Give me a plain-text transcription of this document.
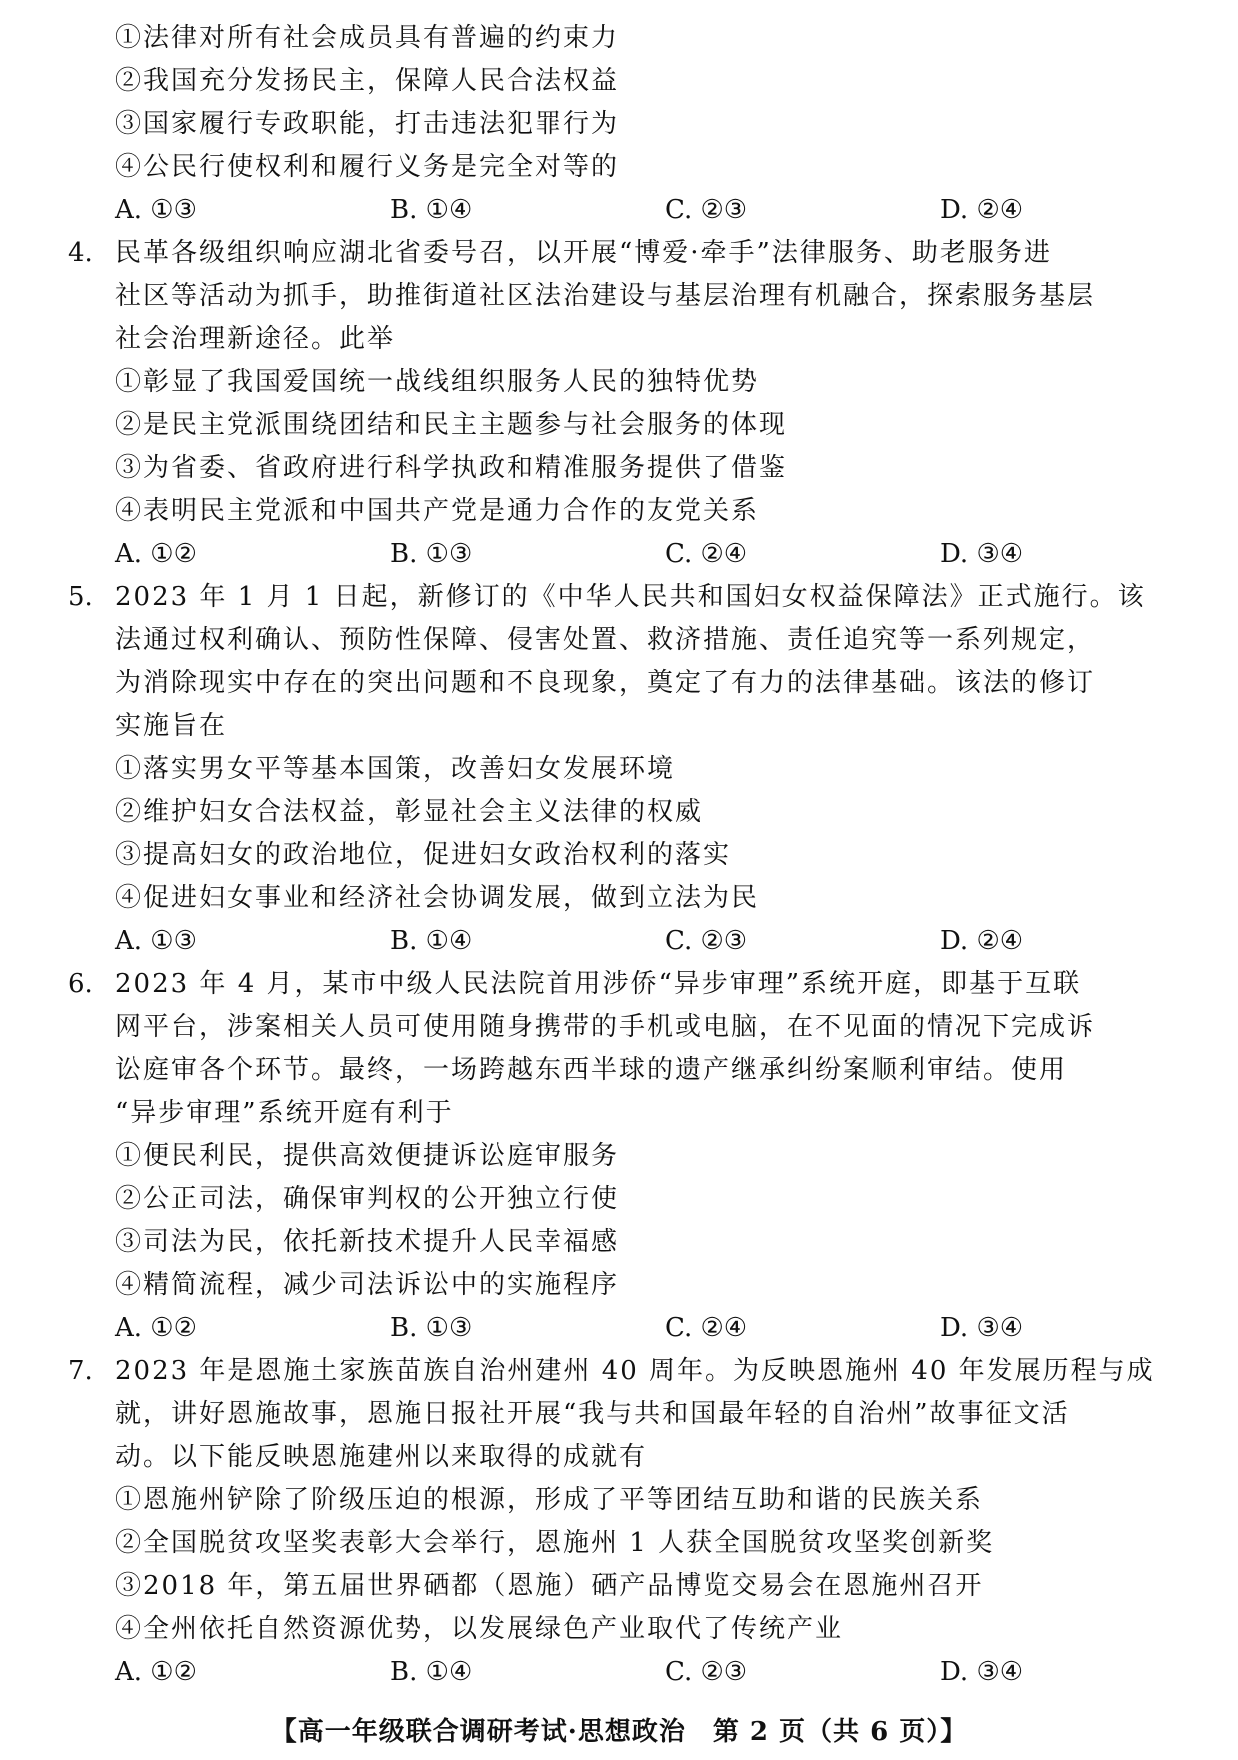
①法律对所有社会成员具有普遍的约束力
②我国充分发扬民主，保障人民合法权益
③国家履行专政职能，打击违法犯罪行为
④公民行使权利和履行义务是完全对等的
A. ①③	B. ①④	C. ②③	D. ②④
4. 民革各级组织响应湖北省委号召，以开展“博爱·牵手”法律服务、助老服务进
社区等活动为抓手，助推街道社区法治建设与基层治理有机融合，探索服务基层
社会治理新途径。此举
①彰显了我国爱国统一战线组织服务人民的独特优势
②是民主党派围绕团结和民主主题参与社会服务的体现
③为省委、省政府进行科学执政和精准服务提供了借鉴
④表明民主党派和中国共产党是通力合作的友党关系
A. ①②	B. ①③	C. ②④	D. ③④
5. 2023 年 1 月 1 日起，新修订的《中华人民共和国妇女权益保障法》正式施行。该
法通过权利确认、预防性保障、侵害处置、救济措施、责任追究等一系列规定，
为消除现实中存在的突出问题和不良现象，奠定了有力的法律基础。该法的修订
实施旨在
①落实男女平等基本国策，改善妇女发展环境
②维护妇女合法权益，彰显社会主义法律的权威
③提高妇女的政治地位，促进妇女政治权利的落实
④促进妇女事业和经济社会协调发展，做到立法为民
A. ①③	B. ①④	C. ②③	D. ②④
6. 2023 年 4 月，某市中级人民法院首用涉侨“异步审理”系统开庭，即基于互联
网平台，涉案相关人员可使用随身携带的手机或电脑，在不见面的情况下完成诉
讼庭审各个环节。最终，一场跨越东西半球的遗产继承纠纷案顺利审结。使用
“异步审理”系统开庭有利于
①便民利民，提供高效便捷诉讼庭审服务
②公正司法，确保审判权的公开独立行使
③司法为民，依托新技术提升人民幸福感
④精简流程，减少司法诉讼中的实施程序
A. ①②	B. ①③	C. ②④	D. ③④
7. 2023 年是恩施土家族苗族自治州建州 40 周年。为反映恩施州 40 年发展历程与成
就，讲好恩施故事，恩施日报社开展“我与共和国最年轻的自治州”故事征文活
动。以下能反映恩施建州以来取得的成就有
①恩施州铲除了阶级压迫的根源，形成了平等团结互助和谐的民族关系
②全国脱贫攻坚奖表彰大会举行，恩施州 1 人获全国脱贫攻坚奖创新奖
③2018 年，第五届世界硒都（恩施）硒产品博览交易会在恩施州召开
④全州依托自然资源优势，以发展绿色产业取代了传统产业
A. ①②	B. ①④	C. ②③	D. ③④
【高一年级联合调研考试·思想政治　第 2 页（共 6 页）】
